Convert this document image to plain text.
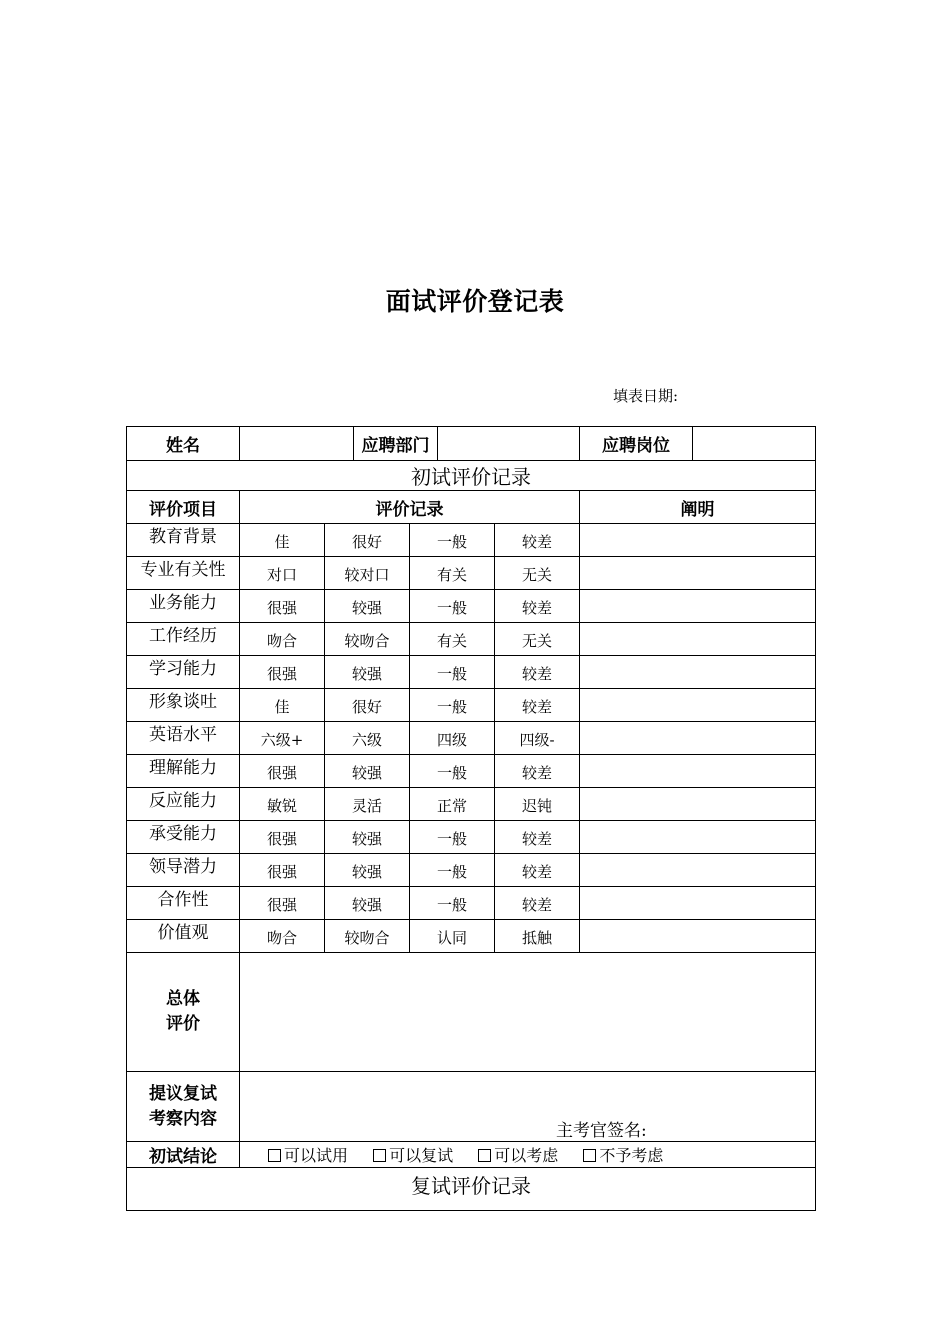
面试评价登记表
填表日期:
姓名			应聘部门				应聘岗位	
初试评价记录								
评价项目	评价记录						阐明	
教育背景	佳	很好		一般		较差		
专业有关性	对口	较对口		有关		无关		
业务能力	很强	较强		一般		较差		
工作经历	吻合	较吻合		有关		无关		
学习能力	很强	较强		一般		较差		
形象谈吐	佳	很好		一般		较差		
英语水平	六级+	六级		四级		四级-		
理解能力	很强	较强		一般		较差		
反应能力	敏锐	灵活		正常		迟钝		
承受能力	很强	较强		一般		较差		
领导潜力	很强	较强		一般		较差		
合作性	很强	较强		一般		较差		
价值观	吻合	较吻合		认同		抵触		

总体
评价								

提议复试
考察内容	主考官签名:							

初试结论	可以试用 可以复试 可以考虑 不予考虑							
复试评价记录								
